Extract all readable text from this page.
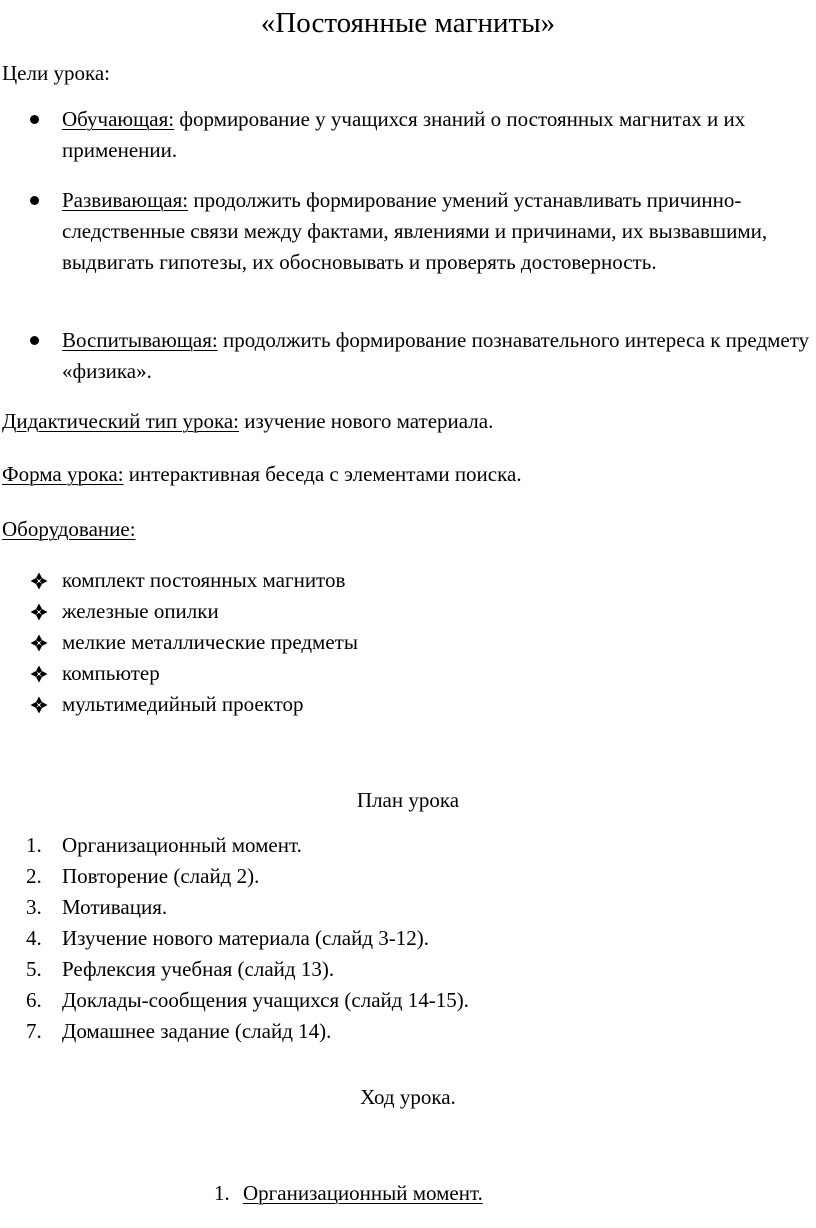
«Постоянные магниты»
Цели урока:
Обучающая: формирование у учащихся знаний о постоянных магнитах и их применении.
Развивающая: продолжить формирование умений устанавливать причинно-следственные связи между фактами, явлениями и причинами, их вызвавшими, выдвигать гипотезы, их обосновывать и проверять достоверность.
Воспитывающая: продолжить формирование познавательного интереса к предмету «физика».
Дидактический тип урока: изучение нового материала.
Форма урока: интерактивная беседа с элементами поиска.
Оборудование:
комплект постоянных магнитов
железные опилки
мелкие металлические предметы
компьютер
мультимедийный проектор
План урока
1. Организационный момент.
2. Повторение (слайд 2).
3. Мотивация.
4. Изучение нового материала (слайд 3-12).
5. Рефлексия учебная (слайд 13).
6. Доклады-сообщения учащихся (слайд 14-15).
7. Домашнее задание (слайд 14).
Ход урока.
1. Организационный момент.
